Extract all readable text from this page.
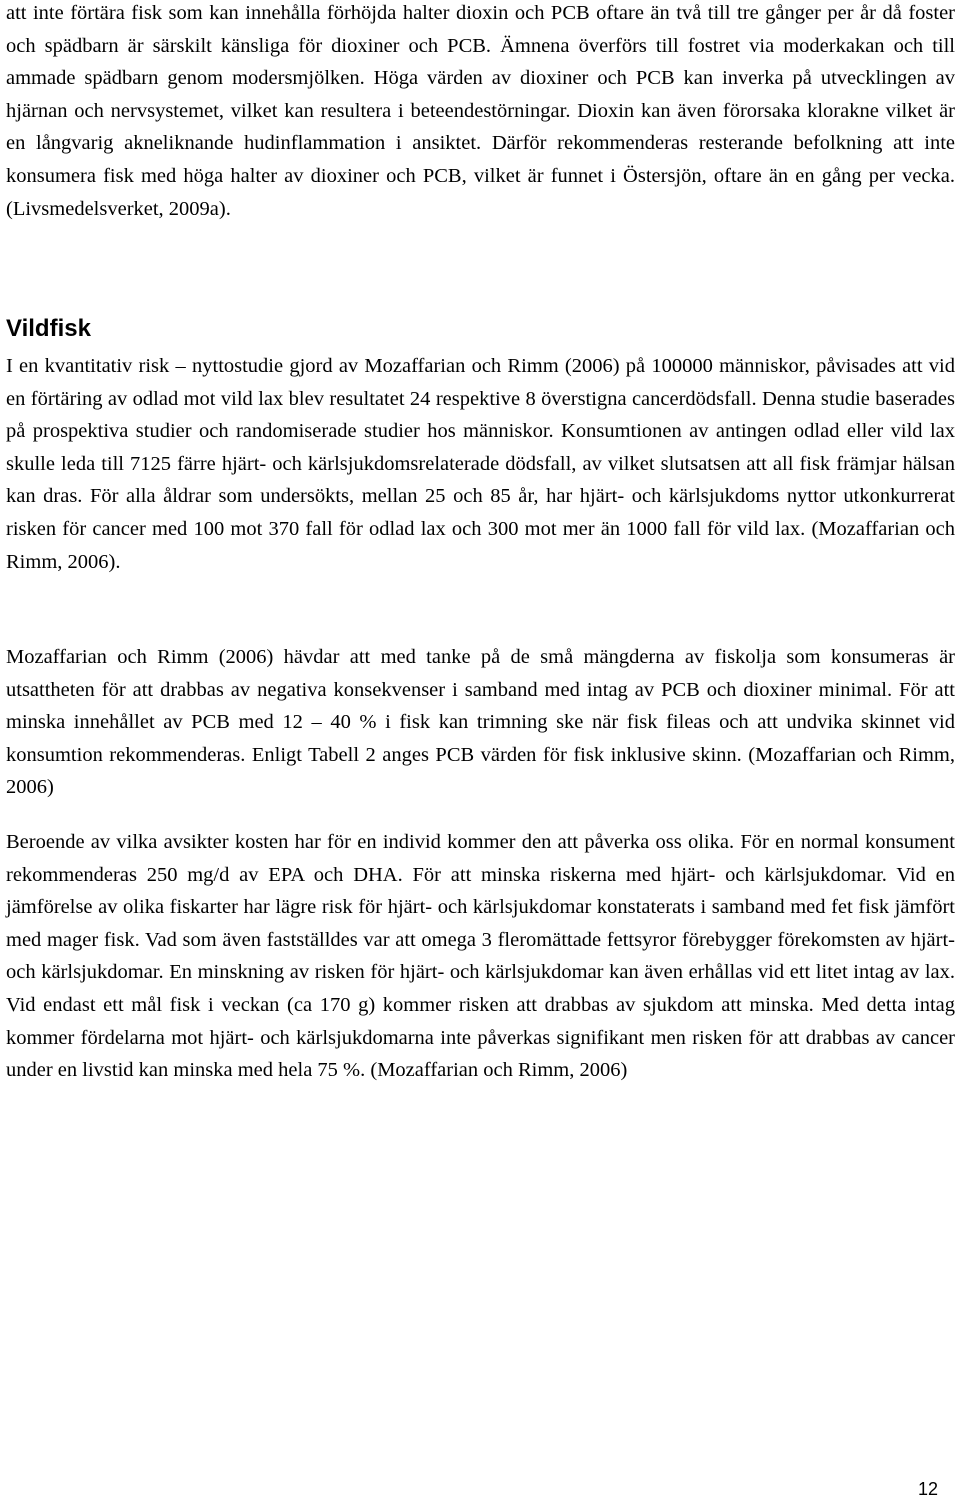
att inte förtära fisk som kan innehålla förhöjda halter dioxin och PCB oftare än två till tre gånger per år då foster och spädbarn är särskilt känsliga för dioxiner och PCB. Ämnena överförs till fostret via moderkakan och till ammade spädbarn genom modersmjölken. Höga värden av dioxiner och PCB kan inverka på utvecklingen av hjärnan och nervsystemet, vilket kan resultera i beteendestörningar. Dioxin kan även förorsaka klorakne vilket är en långvarig akneliknande hudinflammation i ansiktet. Därför rekommenderas resterande befolkning att inte konsumera fisk med höga halter av dioxiner och PCB, vilket är funnet i Östersjön, oftare än en gång per vecka. (Livsmedelsverket, 2009a).

Vildfisk

I en kvantitativ risk – nyttostudie gjord av Mozaffarian och Rimm (2006) på 100000 människor, påvisades att vid en förtäring av odlad mot vild lax blev resultatet 24 respektive 8 överstigna cancerdödsfall. Denna studie baserades på prospektiva studier och randomiserade studier hos människor. Konsumtionen av antingen odlad eller vild lax skulle leda till 7125 färre hjärt- och kärlsjukdomsrelaterade dödsfall, av vilket slutsatsen att all fisk främjar hälsan kan dras. För alla åldrar som undersökts, mellan 25 och 85 år, har hjärt- och kärlsjukdoms nyttor utkonkurrerat risken för cancer med 100 mot 370 fall för odlad lax och 300 mot mer än 1000 fall för vild lax. (Mozaffarian och Rimm, 2006).

Mozaffarian och Rimm (2006) hävdar att med tanke på de små mängderna av fiskolja som konsumeras är utsattheten för att drabbas av negativa konsekvenser i samband med intag av PCB och dioxiner minimal. För att minska innehållet av PCB med 12 – 40 % i fisk kan trimning ske när fisk fileas och att undvika skinnet vid konsumtion rekommenderas. Enligt Tabell 2 anges PCB värden för fisk inklusive skinn. (Mozaffarian och Rimm, 2006)

Beroende av vilka avsikter kosten har för en individ kommer den att påverka oss olika. För en normal konsument rekommenderas 250 mg/d av EPA och DHA. För att minska riskerna med hjärt- och kärlsjukdomar. Vid en jämförelse av olika fiskarter har lägre risk för hjärt- och kärlsjukdomar konstaterats i samband med fet fisk jämfört med mager fisk. Vad som även fastställdes var att omega 3 fleromättade fettsyror förebygger förekomsten av hjärt- och kärlsjukdomar. En minskning av risken för hjärt- och kärlsjukdomar kan även erhållas vid ett litet intag av lax. Vid endast ett mål fisk i veckan (ca 170 g) kommer risken att drabbas av sjukdom att minska. Med detta intag kommer fördelarna mot hjärt- och kärlsjukdomarna inte påverkas signifikant men risken för att drabbas av cancer under en livstid kan minska med hela 75 %. (Mozaffarian och Rimm, 2006)

12
